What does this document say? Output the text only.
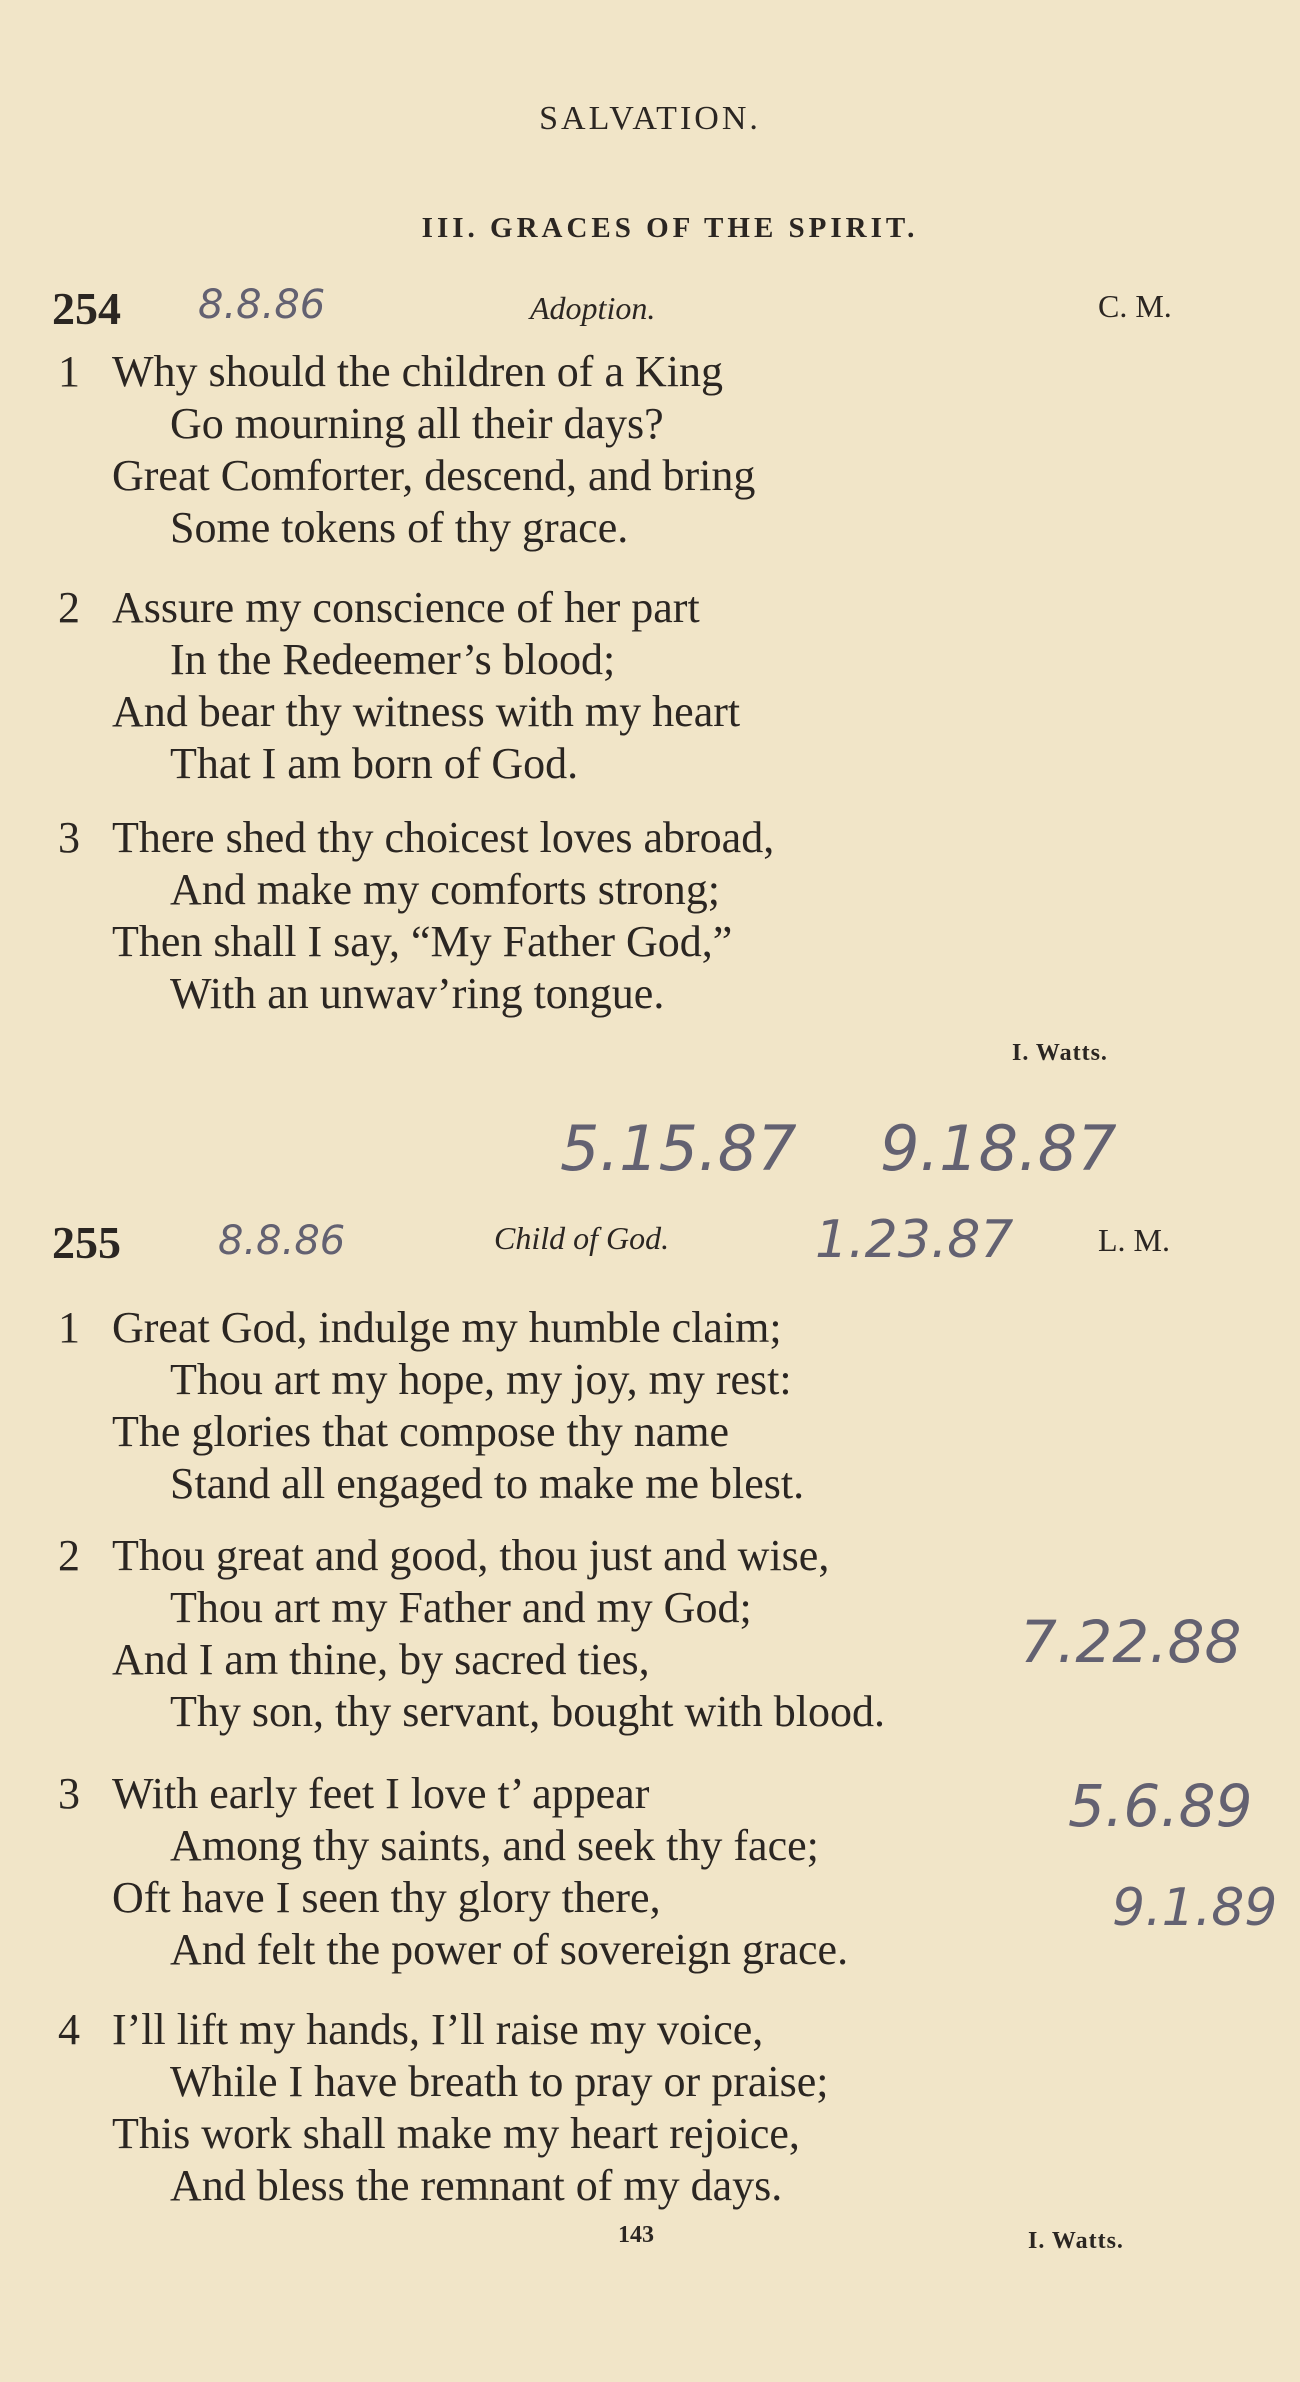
SALVATION.
III. GRACES OF THE SPIRIT.
254 8.8.86	Adoption.	C. M.
1 Why should the children of a King
Go mourning all their days?
Great Comforter, descend, and bring
Some tokens of thy grace.
2 Assure my conscience of her part
In the Redeemer’s blood;
And bear thy witness with my heart
That I am born of God.
3 There shed thy choicest loves abroad,
And make my comforts strong;
Then shall I say, “My Father God,”
With an unwav’ring tongue.
I. Watts.
5.15.87 9.18.87
255 8.8.86	Child of God.	1.23.87	L. M.
1 Great God, indulge my humble claim;
Thou art my hope, my joy, my rest:
The glories that compose thy name
Stand all engaged to make me blest.
2 Thou great and good, thou just and wise,
Thou art my Father and my God;
And I am thine, by sacred ties,
Thy son, thy servant, bought with blood.
3 With early feet I love t’ appear
Among thy saints, and seek thy face;
Oft have I seen thy glory there,
And felt the power of sovereign grace.
4 I’ll lift my hands, I’ll raise my voice,
While I have breath to pray or praise;
This work shall make my heart rejoice,
And bless the remnant of my days.
7.22.88
5.6.89
9.1.89
143	I. Watts.
